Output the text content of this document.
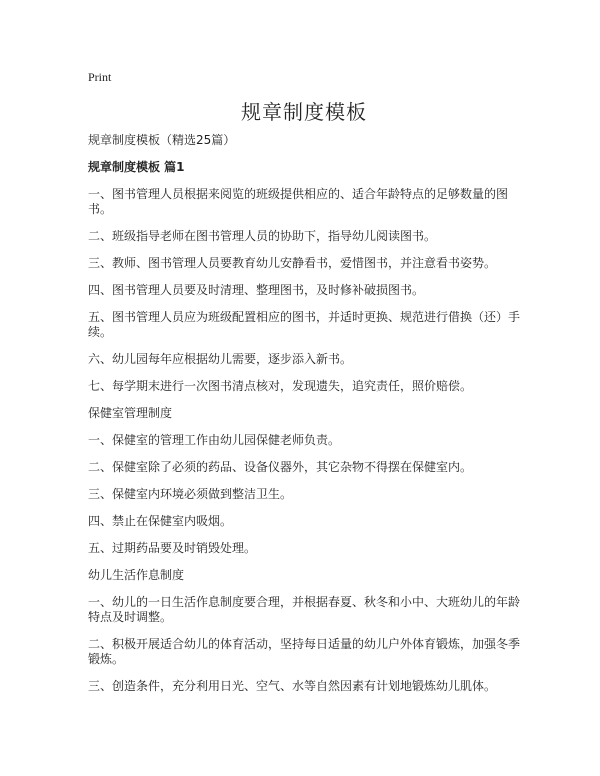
Print
规章制度模板

规章制度模板（精选25篇）

规章制度模板 篇1

一、图书管理人员根据来阅览的班级提供相应的、适合年龄特点的足够数量的图书。

二、班级指导老师在图书管理人员的协助下，指导幼儿阅读图书。

三、教师、图书管理人员要教育幼儿安静看书，爱惜图书，并注意看书姿势。

四、图书管理人员要及时清理、整理图书，及时修补破损图书。

五、图书管理人员应为班级配置相应的图书，并适时更换、规范进行借换（还）手续。

六、幼儿园每年应根据幼儿需要，逐步添入新书。

七、每学期末进行一次图书清点核对，发现遗失，追究责任，照价赔偿。

保健室管理制度

一、保健室的管理工作由幼儿园保健老师负责。

二、保健室除了必须的药品、设备仪器外，其它杂物不得摆在保健室内。

三、保健室内环境必须做到整洁卫生。

四、禁止在保健室内吸烟。

五、过期药品要及时销毁处理。

幼儿生活作息制度

一、幼儿的一日生活作息制度要合理，并根据春夏、秋冬和小中、大班幼儿的年龄特点及时调整。

二、积极开展适合幼儿的体育活动，坚持每日适量的幼儿户外体育锻炼，加强冬季锻炼。

三、创造条件，充分利用日光、空气、水等自然因素有计划地锻炼幼儿肌体。
